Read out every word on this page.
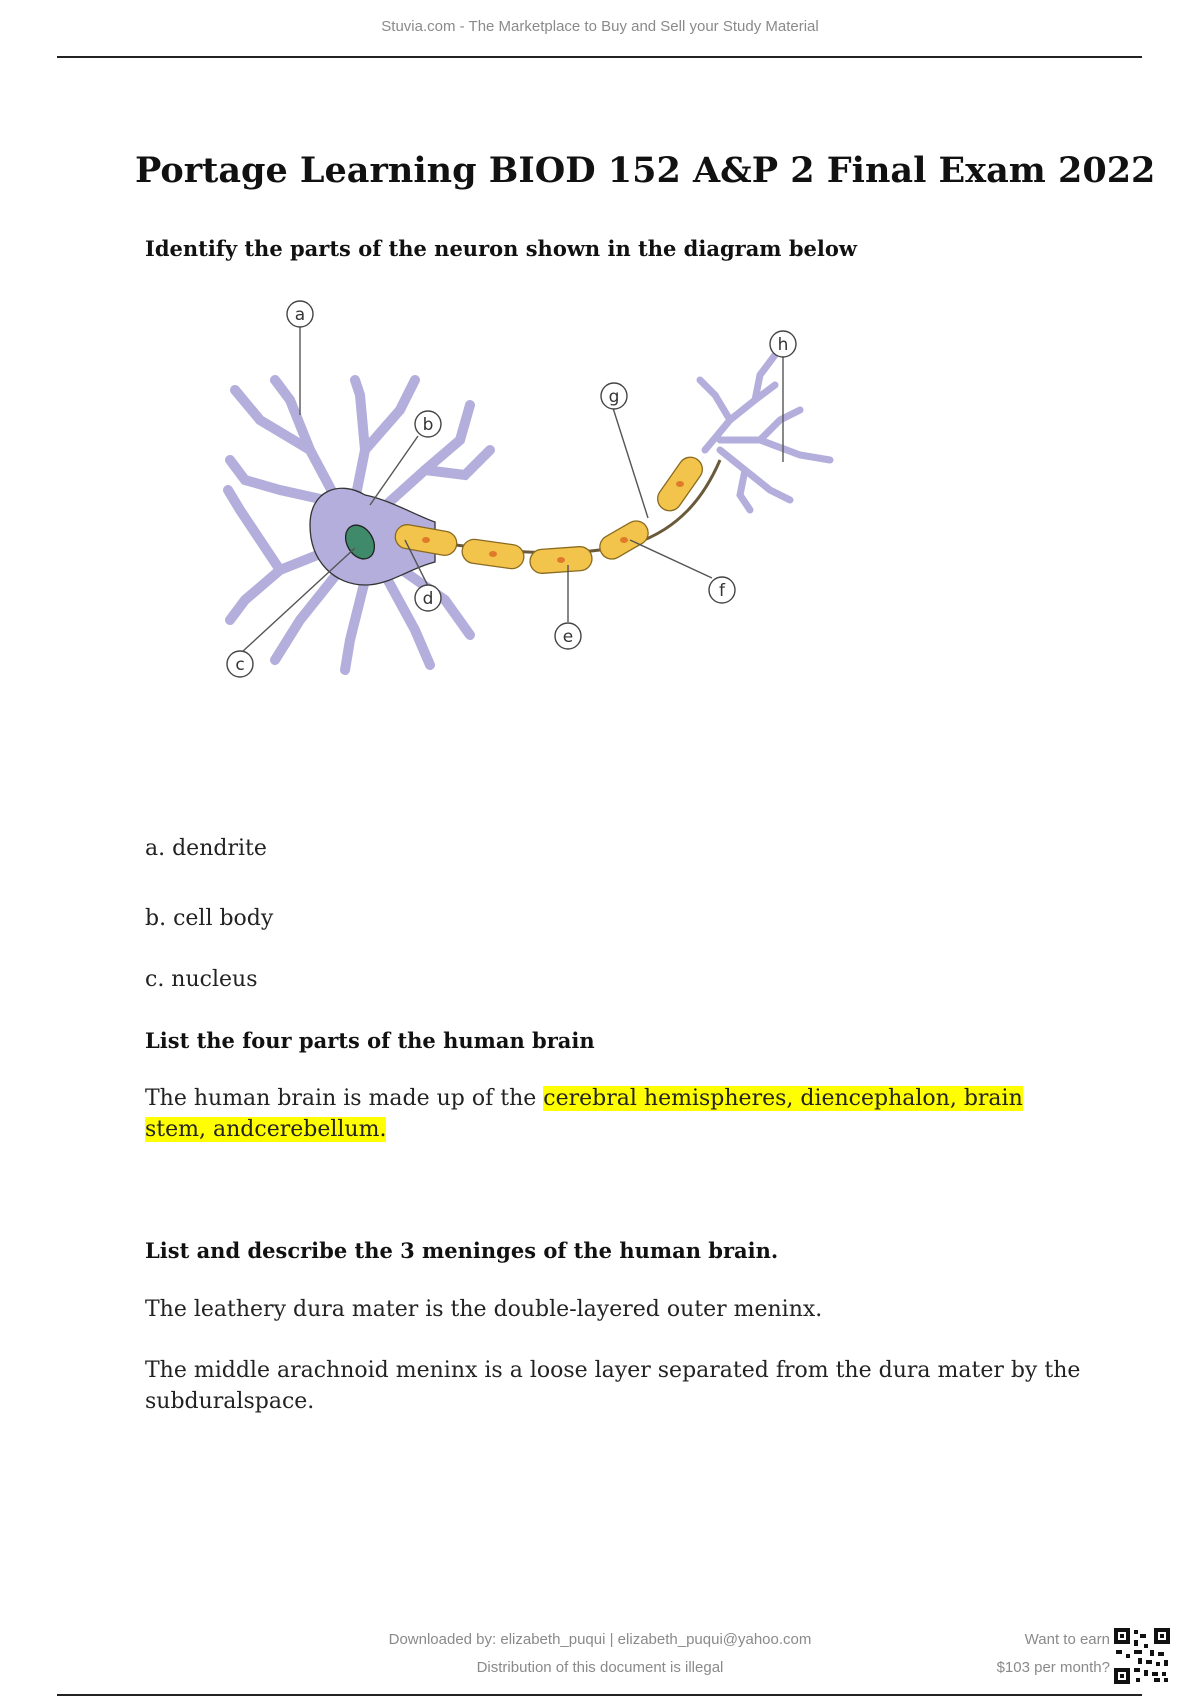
Stuvia.com - The Marketplace to Buy and Sell your Study Material
Portage Learning BIOD 152 A&P 2 Final Exam 2022

Identify the parts of the neuron shown in the diagram below

a
b
c
d
e
f
g
h

a. dendrite

b. cell body

c. nucleus

List the four parts of the human brain

The human brain is made up of the cerebral hemispheres, diencephalon, brain
stem, andcerebellum.

List and describe the 3 meninges of the human brain.

The leathery dura mater is the double-layered outer meninx.

The middle arachnoid meninx is a loose layer separated from the dura mater by the
subduralspace.

Downloaded by: elizabeth_puqui | elizabeth_puqui@yahoo.com
Distribution of this document is illegal
Want to earn
$103 per month?
